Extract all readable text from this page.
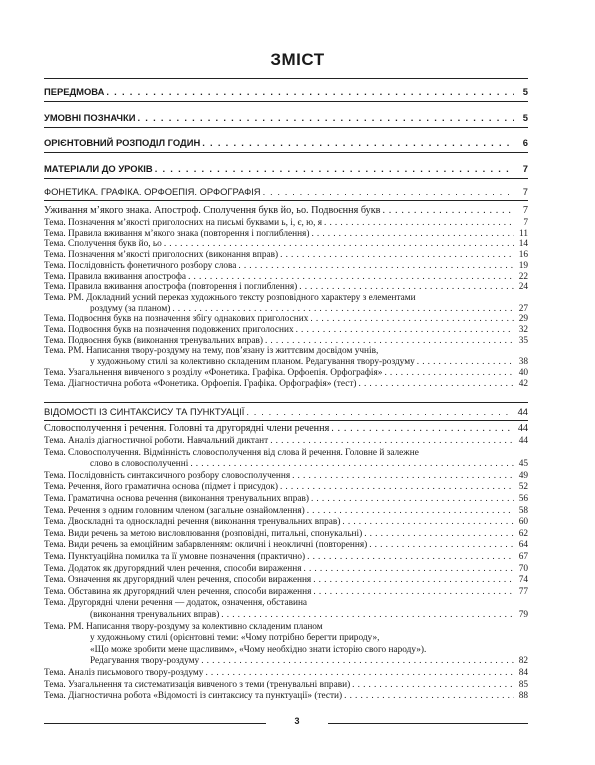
ЗМІСТ
ПЕРЕДМОВА . . .	5
УМОВНІ ПОЗНАЧКИ . . .	5
ОРІЄНТОВНИЙ РОЗПОДІЛ ГОДИН . . .	6
МАТЕРІАЛИ ДО УРОКІВ . . .	7
ФОНЕТИКА. ГРАФІКА. ОРФОЕПІЯ. ОРФОГРАФІЯ . . .	7
Уживання м’якого знака. Апостроф. Сполучення букв йо, ьо. Подвоєння букв . . .	7
Тема. Позначення м’якості приголосних на письмі буквами ь, і, є, ю, я . . .	7
Тема. Правила вживання м’якого знака (повторення і поглиблення) . . .	11
Тема. Сполучення букв йо, ьо . . .	14
Тема. Позначення м’якості приголосних (виконання вправ) . . .	16
Тема. Послідовність фонетичного розбору слова . . .	19
Тема. Правила вживання апострофа . . .	22
Тема. Правила вживання апострофа (повторення і поглиблення) . . .	24
Тема. РМ. Докладний усний переказ художнього тексту розповідного характеру з елементами
роздуму (за планом) . . .	27
Тема. Подвоєння букв на позначення збігу однакових приголосних . . .	29
Тема. Подвоєння букв на позначення подовжених приголосних . . .	32
Тема. Подвоєння букв (виконання тренувальних вправ) . . .	35
Тема. РМ. Написання твору-роздуму на тему, пов’язану із життєвим досвідом учнів,
у художньому стилі за колективно складеним планом. Редагування твору-роздуму . . .	38
Тема. Узагальнення вивченого з розділу «Фонетика. Графіка. Орфоепія. Орфографія» . . .	40
Тема. Діагностична робота «Фонетика. Орфоепія. Графіка. Орфографія» (тест) . . .	42
ВІДОМОСТІ ІЗ СИНТАКСИСУ ТА ПУНКТУАЦІЇ . . .	44
Словосполучення і речення. Головні та другорядні члени речення . . .	44
Тема. Аналіз діагностичної роботи. Навчальний диктант . . .	44
Тема. Словосполучення. Відмінність словосполучення від слова й речення. Головне й залежне
слово в словосполученні . . .	45
Тема. Послідовність синтаксичного розбору словосполучення . . .	49
Тема. Речення, його граматична основа (підмет і присудок) . . .	52
Тема. Граматична основа речення (виконання тренувальних вправ) . . .	56
Тема. Речення з одним головним членом (загальне ознайомлення) . . .	58
Тема. Двоскладні та односкладні речення (виконання тренувальних вправ) . . .	60
Тема. Види речень за метою висловлювання (розповідні, питальні, спонукальні) . . .	62
Тема. Види речень за емоційним забарвленням: окличні і неокличні (повторення) . . .	64
Тема. Пунктуаційна помилка та її умовне позначення (практично) . . .	67
Тема. Додаток як другорядний член речення, способи вираження . . .	70
Тема. Означення як другорядний член речення, способи вираження . . .	74
Тема. Обставина як другорядний член речення, способи вираження . . .	77
Тема. Другорядні члени речення — додаток, означення, обставина
(виконання тренувальних вправ) . . .	79
Тема. РМ. Написання твору-роздуму за колективно складеним планом
у художньому стилі (орієнтовні теми: «Чому потрібно берегти природу»,
«Що може зробити мене щасливим», «Чому необхідно знати історію свого народу»).
Редагування твору-роздуму . . .	82
Тема. Аналіз письмового твору-роздуму . . .	84
Тема. Узагальнення та систематизація вивченого з теми (тренувальні вправи) . . .	85
Тема. Діагностична робота «Відомості із синтаксису та пунктуації» (тести) . . .	88
3
